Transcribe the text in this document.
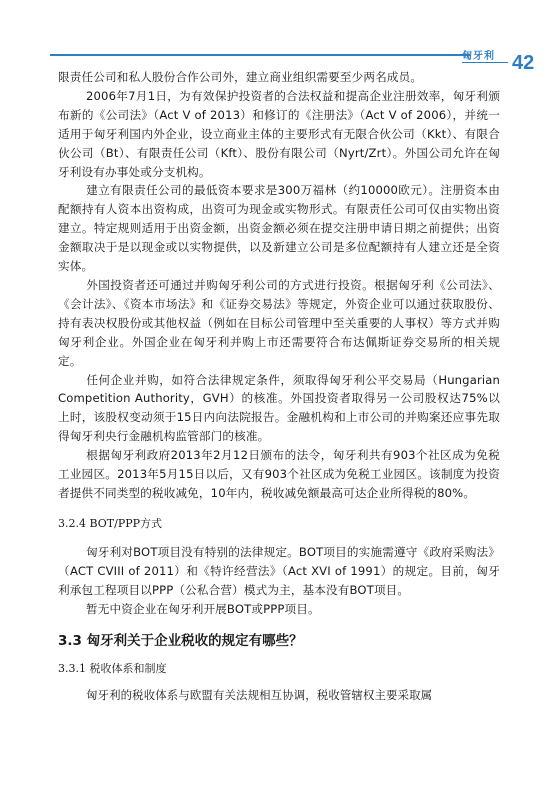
匈牙利 42

限责任公司和私人股份合作公司外，建立商业组织需要至少两名成员。

2006年7月1日，为有效保护投资者的合法权益和提高企业注册效率，匈牙利颁布新的《公司法》（Act V of 2013）和修订的《注册法》（Act V of 2006），并统一适用于匈牙利国内外企业，设立商业主体的主要形式有无限合伙公司（Kkt）、有限合伙公司（Bt）、有限责任公司（Kft）、股份有限公司（Nyrt/Zrt）。外国公司允许在匈牙利设有办事处或分支机构。

建立有限责任公司的最低资本要求是300万福林（约10000欧元）。注册资本由配额持有人资本出资构成，出资可为现金或实物形式。有限责任公司可仅由实物出资建立。特定规则适用于出资金额，出资金额必须在提交注册申请日期之前提供；出资金额取决于是以现金或以实物提供，以及新建立公司是多位配额持有人建立还是全资实体。

外国投资者还可通过并购匈牙利公司的方式进行投资。根据匈牙利《公司法》、《会计法》、《资本市场法》和《证券交易法》等规定，外资企业可以通过获取股份、持有表决权股份或其他权益（例如在目标公司管理中至关重要的人事权）等方式并购匈牙利企业。外国企业在匈牙利并购上市还需要符合布达佩斯证券交易所的相关规定。

任何企业并购，如符合法律规定条件，须取得匈牙利公平交易局（Hungarian Competition Authority，GVH）的核准。外国投资者取得另一公司股权达75%以上时，该股权变动须于15日内向法院报告。金融机构和上市公司的并购案还应事先取得匈牙利央行金融机构监管部门的核准。

根据匈牙利政府2013年2月12日颁布的法令，匈牙利共有903个社区成为免税工业园区。2013年5月15日以后，又有903个社区成为免税工业园区。该制度为投资者提供不同类型的税收减免，10年内，税收减免额最高可达企业所得税的80%。

3.2.4 BOT/PPP方式

匈牙利对BOT项目没有特别的法律规定。BOT项目的实施需遵守《政府采购法》（ACT CVIII of 2011）和《特许经营法》（Act XVI of 1991）的规定。目前，匈牙利承包工程项目以PPP（公私合营）模式为主，基本没有BOT项目。

暂无中资企业在匈牙利开展BOT或PPP项目。

3.3 匈牙利关于企业税收的规定有哪些？

3.3.1 税收体系和制度

匈牙利的税收体系与欧盟有关法规相互协调，税收管辖权主要采取属
